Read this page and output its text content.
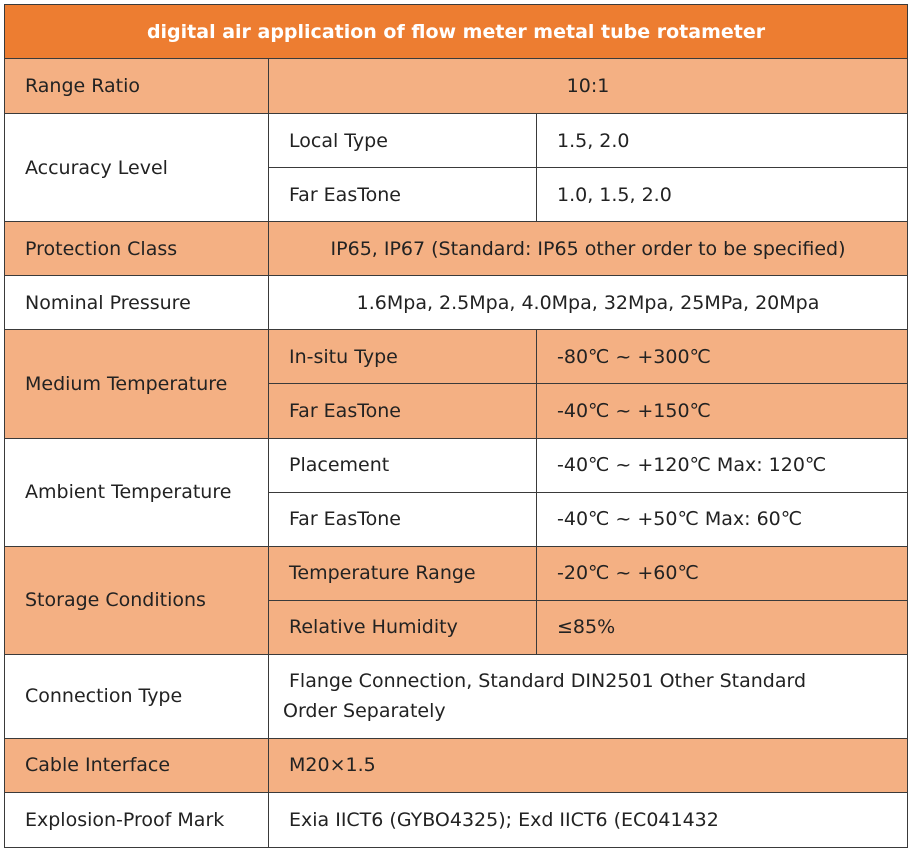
digital air application of flow meter metal tube rotameter		
Range Ratio	10:1	
Accuracy Level	Local Type	1.5, 2.0
	Far EasTone	1.0, 1.5, 2.0
Protection Class	IP65, IP67 (Standard: IP65 other order to be specified)	
Nominal Pressure	1.6Mpa, 2.5Mpa, 4.0Mpa, 32Mpa, 25MPa, 20Mpa	
Medium Temperature	In-situ Type	-80℃ ~ +300℃
	Far EasTone	-40℃ ~ +150℃
Ambient Temperature	Placement	-40℃ ~ +120℃ Max: 120℃
	Far EasTone	-40℃ ~ +50℃ Max: 60℃
Storage Conditions	Temperature Range	-20℃ ~ +60℃
	Relative Humidity	≤85%
Connection Type	Flange Connection, Standard DIN2501 Other Standard
Order Separately	
Cable Interface	M20×1.5	
Explosion-Proof Mark	Exia IICT6 (GYBO4325); Exd IICT6 (EC041432	
